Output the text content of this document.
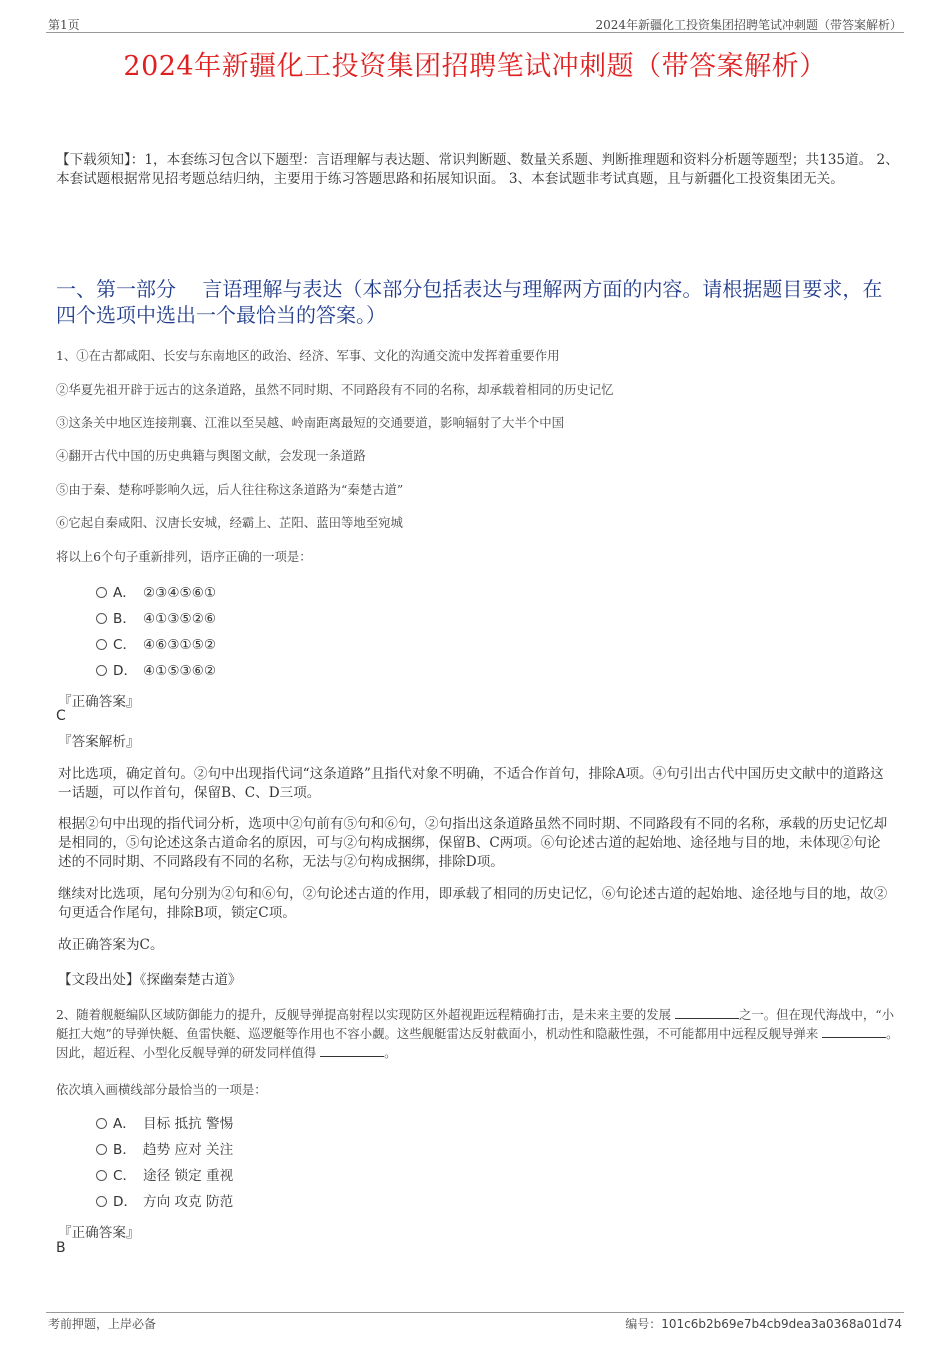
第1页	2024年新疆化工投资集团招聘笔试冲刺题（带答案解析）
2024年新疆化工投资集团招聘笔试冲刺题（带答案解析）
【下载须知】：1，本套练习包含以下题型：言语理解与表达题、常识判断题、数量关系题、判断推理题和资料分析题等题型；共135道。 2、本套试题根据常见招考题总结归纳，主要用于练习答题思路和拓展知识面。 3、本套试题非考试真题，且与新疆化工投资集团无关。
一、第一部分　 言语理解与表达（本部分包括表达与理解两方面的内容。请根据题目要求，在四个选项中选出一个最恰当的答案。）
1、①在古都咸阳、长安与东南地区的政治、经济、军事、文化的沟通交流中发挥着重要作用
②华夏先祖开辟于远古的这条道路，虽然不同时期、不同路段有不同的名称，却承载着相同的历史记忆
③这条关中地区连接荆襄、江淮以至吴越、岭南距离最短的交通要道，影响辐射了大半个中国
④翻开古代中国的历史典籍与舆图文献，会发现一条道路
⑤由于秦、楚称呼影响久远，后人往往称这条道路为“秦楚古道”
⑥它起自秦咸阳、汉唐长安城，经霸上、芷阳、蓝田等地至宛城
将以上6个句子重新排列，语序正确的一项是：
A． ②③④⑤⑥①
B． ④①③⑤②⑥
C． ④⑥③①⑤②
D． ④①⑤③⑥②
『正确答案』
C
『答案解析』
对比选项，确定首句。②句中出现指代词“这条道路”且指代对象不明确，不适合作首句，排除A项。④句引出古代中国历史文献中的道路这一话题，可以作首句，保留B、C、D三项。
根据②句中出现的指代词分析，选项中②句前有⑤句和⑥句，②句指出这条道路虽然不同时期、不同路段有不同的名称，承载的历史记忆却是相同的，⑤句论述这条古道命名的原因，可与②句构成捆绑，保留B、C两项。⑥句论述古道的起始地、途径地与目的地，未体现②句论述的不同时期、不同路段有不同的名称，无法与②句构成捆绑，排除D项。
继续对比选项，尾句分别为②句和⑥句，②句论述古道的作用，即承载了相同的历史记忆，⑥句论述古道的起始地、途径地与目的地，故②句更适合作尾句，排除B项，锁定C项。
故正确答案为C。
【文段出处】《探幽秦楚古道》
2、随着舰艇编队区域防御能力的提升，反舰导弹提高射程以实现防区外超视距远程精确打击，是未来主要的发展	之一。但在现代海战中，“小艇扛大炮”的导弹快艇、鱼雷快艇、巡逻艇等作用也不容小觑。这些舰艇雷达反射截面小，机动性和隐蔽性强，不可能都用中远程反舰导弹来	。因此，超近程、小型化反舰导弹的研发同样值得	。
依次填入画横线部分最恰当的一项是：
A． 目标 抵抗 警惕
B． 趋势 应对 关注
C． 途径 锁定 重视
D． 方向 攻克 防范
『正确答案』
B
考前押题，上岸必备	编号：101c6b2b69e7b4cb9dea3a0368a01d74
